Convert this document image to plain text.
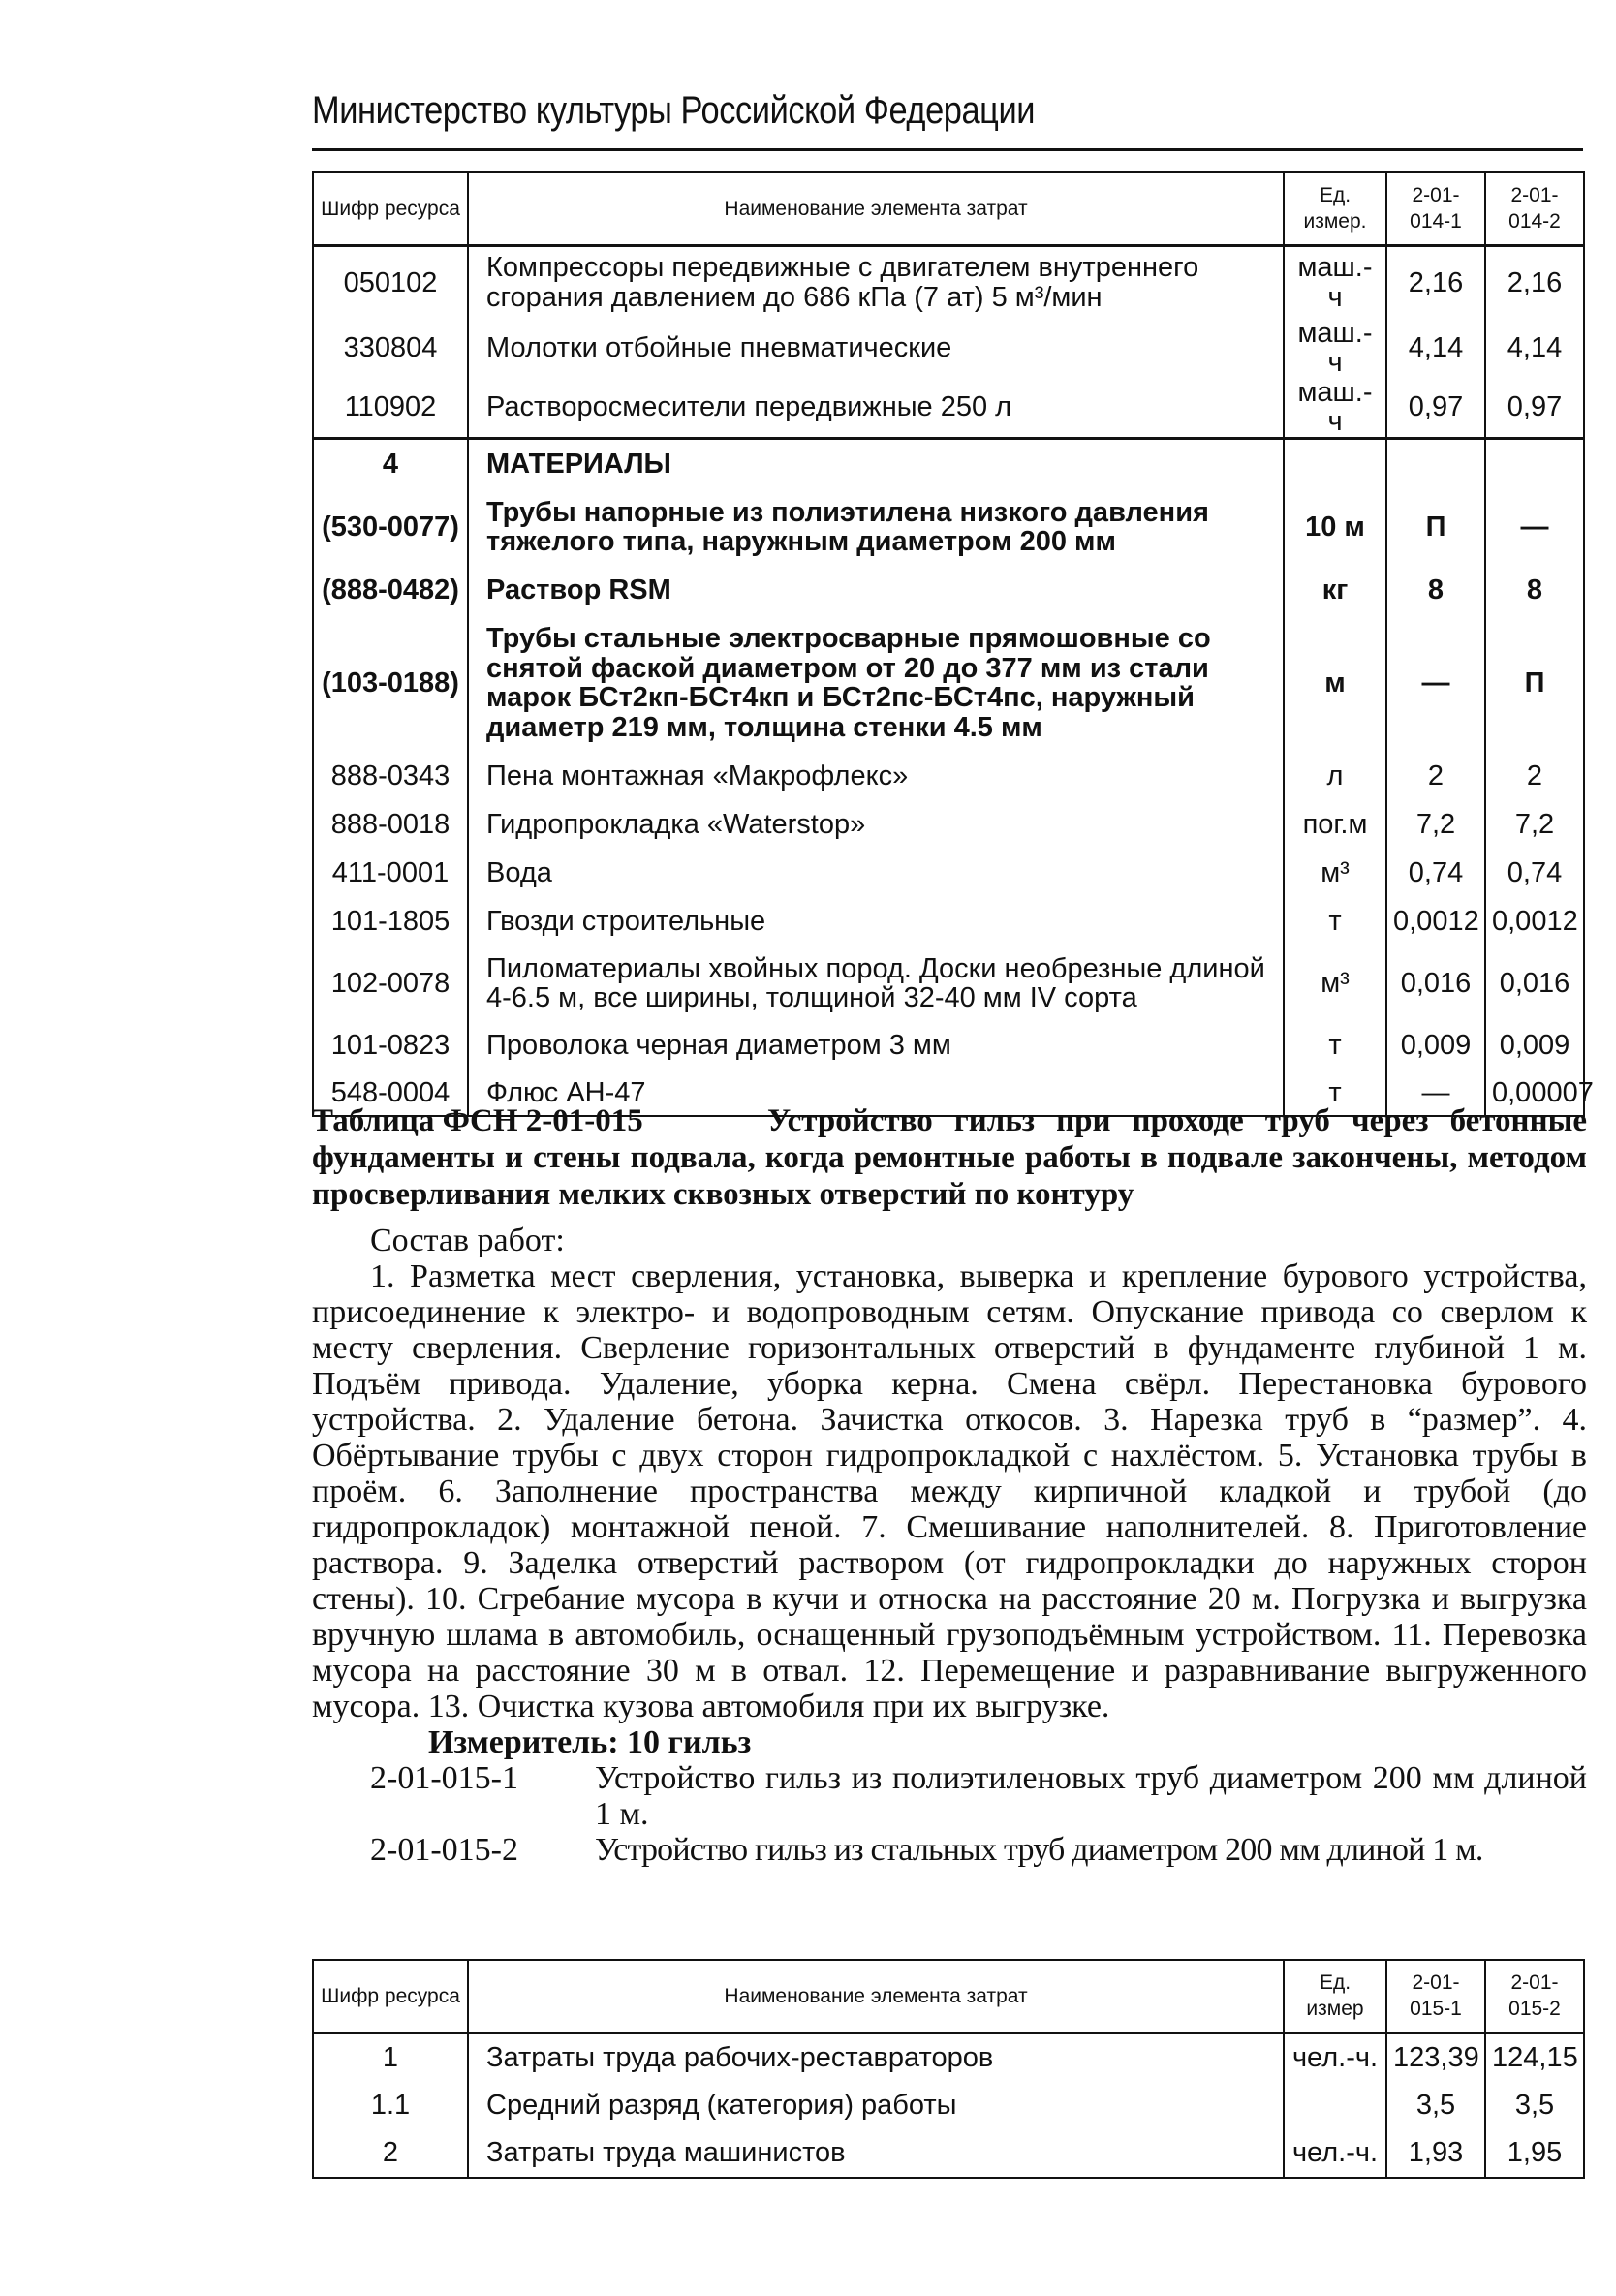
Министерство культуры Российской Федерации
Шифр ресурса	Наименование элемента затрат	Ед. измер.	2-01-014-1	2-01-014-2
050102	Компрессоры передвижные с двигателем внутреннего сгорания давлением до 686 кПа (7 ат) 5 м³/мин	маш.-ч	2,16	2,16
330804	Молотки отбойные пневматические	маш.-ч	4,14	4,14
110902	Растворосмесители передвижные 250 л	маш.-ч	0,97	0,97
4	МАТЕРИАЛЫ			
(530-0077)	Трубы напорные из полиэтилена низкого давления тяжелого типа, наружным диаметром 200 мм	10 м	П	—
(888-0482)	Раствор RSM	кг	8	8
(103-0188)	Трубы стальные электросварные прямошовные со снятой фаской диаметром от 20 до 377 мм из стали марок БСт2кп-БСт4кп и БСт2пс-БСт4пс, наружный диаметр 219 мм, толщина стенки 4.5 мм	м	—	П
888-0343	Пена монтажная «Макрофлекс»	л	2	2
888-0018	Гидропрокладка «Waterstop»	пог.м	7,2	7,2
411-0001	Вода	м³	0,74	0,74
101-1805	Гвозди строительные	т	0,0012	0,0012
102-0078	Пиломатериалы хвойных пород. Доски необрезные длиной 4-6.5 м, все ширины, толщиной 32-40 мм IV сорта	м³	0,016	0,016
101-0823	Проволока черная диаметром 3 мм	т	0,009	0,009
548-0004	Флюс АН-47	т	—	0,00007
Таблица ФСН 2-01-015	Устройство гильз при проходе труб через бетонные фундаменты и стены подвала, когда ремонтные работы в подвале закончены, методом просверливания мелких сквозных отверстий по контуру

Состав работ:

1. Разметка мест сверления, установка, выверка и крепление бурового устройства, присоединение к электро- и водопроводным сетям. Опускание привода со сверлом к месту сверления. Сверление горизонтальных отверстий в фундаменте глубиной 1 м. Подъём привода. Удаление, уборка керна. Смена свёрл. Перестановка бурового устройства. 2. Удаление бетона. Зачистка откосов. 3. Нарезка труб в “размер”. 4. Обёртывание трубы с двух сторон гидропрокладкой с нахлёстом. 5. Установка трубы в проём. 6. Заполнение пространства между кирпичной кладкой и трубой (до гидропрокладок) монтажной пеной. 7. Смешивание наполнителей. 8. Приготовление раствора. 9. Заделка отверстий раствором (от гидропрокладки до наружных сторон стены). 10. Сгребание мусора в кучи и относка на расстояние 20 м. Погрузка и выгрузка вручную шлама в автомобиль, оснащенный грузоподъёмным устройством. 11. Перевозка мусора на расстояние 30 м в отвал. 12. Перемещение и разравнивание выгруженного мусора. 13. Очистка кузова автомобиля при их выгрузке.

Измеритель: 10 гильз

2-01-015-1	Устройство гильз из полиэтиленовых труб диаметром 200 мм длиной 1 м.
2-01-015-2	Устройство гильз из стальных труб диаметром 200 мм длиной 1 м.
Шифр ресурса	Наименование элемента затрат	Ед. измер	2-01-015-1	2-01-015-2
1	Затраты труда рабочих-реставраторов	чел.-ч.	123,39	124,15
1.1	Средний разряд (категория) работы		3,5	3,5
2	Затраты труда машинистов	чел.-ч.	1,93	1,95
